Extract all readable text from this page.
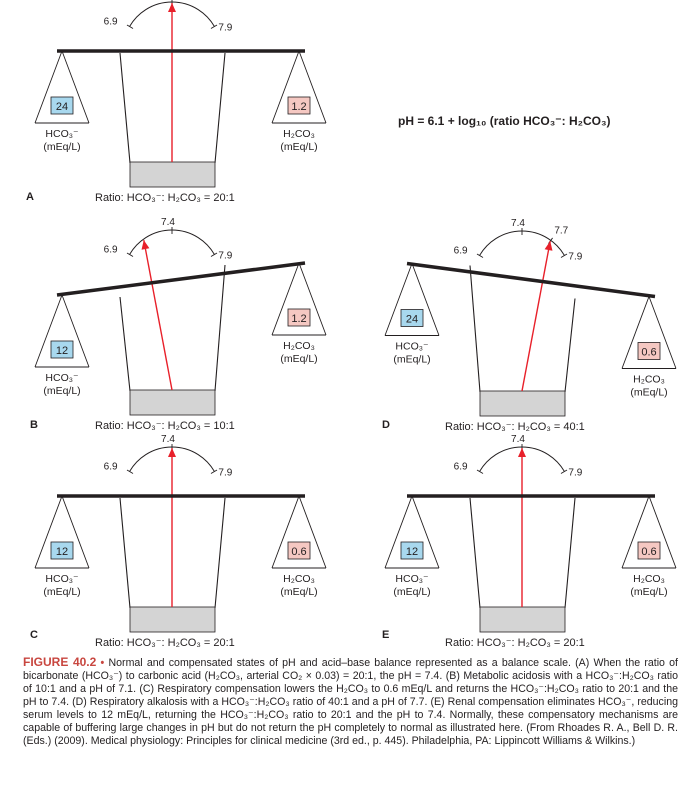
pH = 6.1 + log₁₀ (ratio HCO₃⁻: H₂CO₃)
6.9
7.9
24
HCO₃⁻
(mEq/L)
1.2
H₂CO₃
(mEq/L)
Ratio: HCO₃⁻: H₂CO₃ = 20:1
A
7.4
6.9
7.9
12
HCO₃⁻
(mEq/L)
1.2
H₂CO₃
(mEq/L)
Ratio: HCO₃⁻: H₂CO₃ = 10:1
B
7.4
6.9
7.9
12
HCO₃⁻
(mEq/L)
0.6
H₂CO₃
(mEq/L)
Ratio: HCO₃⁻: H₂CO₃ = 20:1
C
7.4
6.9
7.9
7.7
24
HCO₃⁻
(mEq/L)
0.6
H₂CO₃
(mEq/L)
Ratio: HCO₃⁻: H₂CO₃ = 40:1
D
7.4
6.9
7.9
12
HCO₃⁻
(mEq/L)
0.6
H₂CO₃
(mEq/L)
Ratio: HCO₃⁻: H₂CO₃ = 20:1
E
FIGURE 40.2 • Normal and compensated states of pH and acid–base balance represented as a balance scale. (A) When the ratio of bicarbonate (HCO₃⁻) to carbonic acid (H₂CO₃, arterial CO₂ × 0.03) = 20:1, the pH = 7.4. (B) Metabolic acidosis with a HCO₃⁻:H₂CO₃ ratio of 10:1 and a pH of 7.1. (C) Respiratory compensation lowers the H₂CO₃ to 0.6 mEq/L and returns the HCO₃⁻:H₂CO₃ ratio to 20:1 and the pH to 7.4. (D) Respiratory alkalosis with a HCO₃⁻:H₂CO₃ ratio of 40:1 and a pH of 7.7. (E) Renal compensation eliminates HCO₃⁻, reducing serum levels to 12 mEq/L, returning the HCO₃⁻:H₂CO₃ ratio to 20:1 and the pH to 7.4. Normally, these compensatory mechanisms are capable of buffering large changes in pH but do not return the pH completely to normal as illustrated here. (From Rhoades R. A., Bell D. R. (Eds.) (2009). Medical physiology: Principles for clinical medicine (3rd ed., p. 445). Philadelphia, PA: Lippincott Williams & Wilkins.)
